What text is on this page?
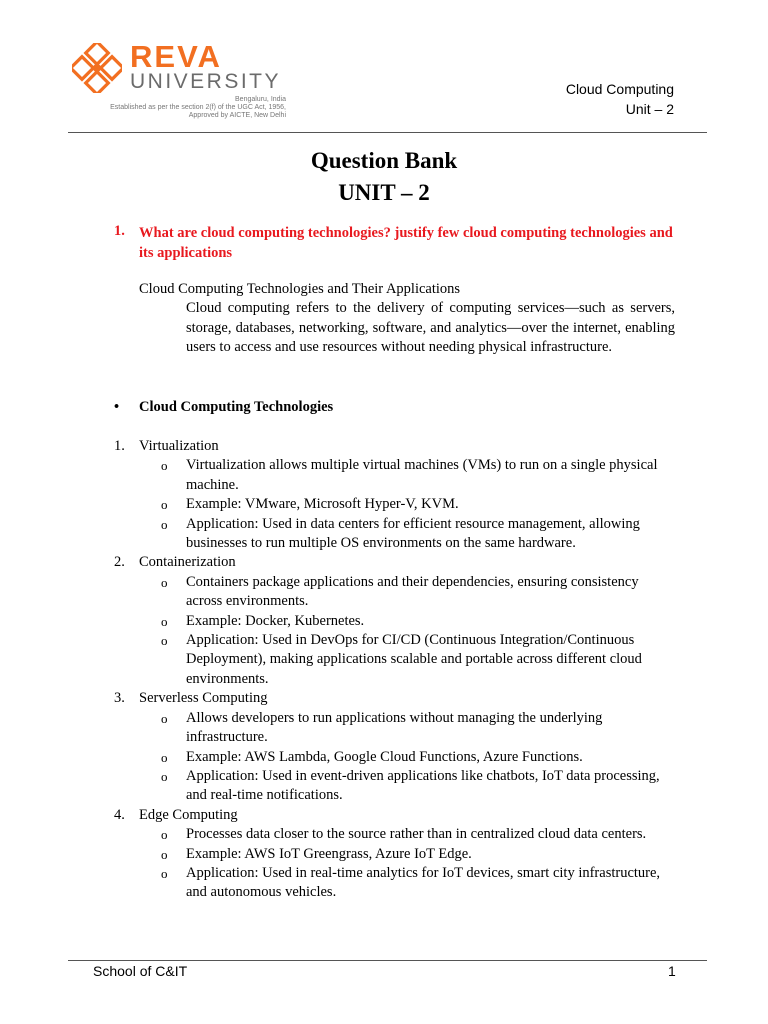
REVA
UNIVERSITY
Bengaluru, India
Established as per the section 2(f) of the UGC Act, 1956,
Approved by AICTE, New Delhi
Cloud Computing
Unit – 2
Question Bank
UNIT – 2
1. What are cloud computing technologies? justify few cloud computing technologies and its applications
Cloud Computing Technologies and Their Applications
Cloud computing refers to the delivery of computing services—such as servers, storage, databases, networking, software, and analytics—over the internet, enabling users to access and use resources without needing physical infrastructure.
• Cloud Computing Technologies
1. Virtualization
o	Virtualization allows multiple virtual machines (VMs) to run on a single physical machine.
o	Example: VMware, Microsoft Hyper-V, KVM.
o	Application: Used in data centers for efficient resource management, allowing businesses to run multiple OS environments on the same hardware.
2. Containerization
o	Containers package applications and their dependencies, ensuring consistency across environments.
o	Example: Docker, Kubernetes.
o	Application: Used in DevOps for CI/CD (Continuous Integration/Continuous Deployment), making applications scalable and portable across different cloud environments.
3. Serverless Computing
o	Allows developers to run applications without managing the underlying infrastructure.
o	Example: AWS Lambda, Google Cloud Functions, Azure Functions.
o	Application: Used in event-driven applications like chatbots, IoT data processing, and real-time notifications.
4. Edge Computing
o	Processes data closer to the source rather than in centralized cloud data centers.
o	Example: AWS IoT Greengrass, Azure IoT Edge.
o	Application: Used in real-time analytics for IoT devices, smart city infrastructure, and autonomous vehicles.
School of C&IT	1
